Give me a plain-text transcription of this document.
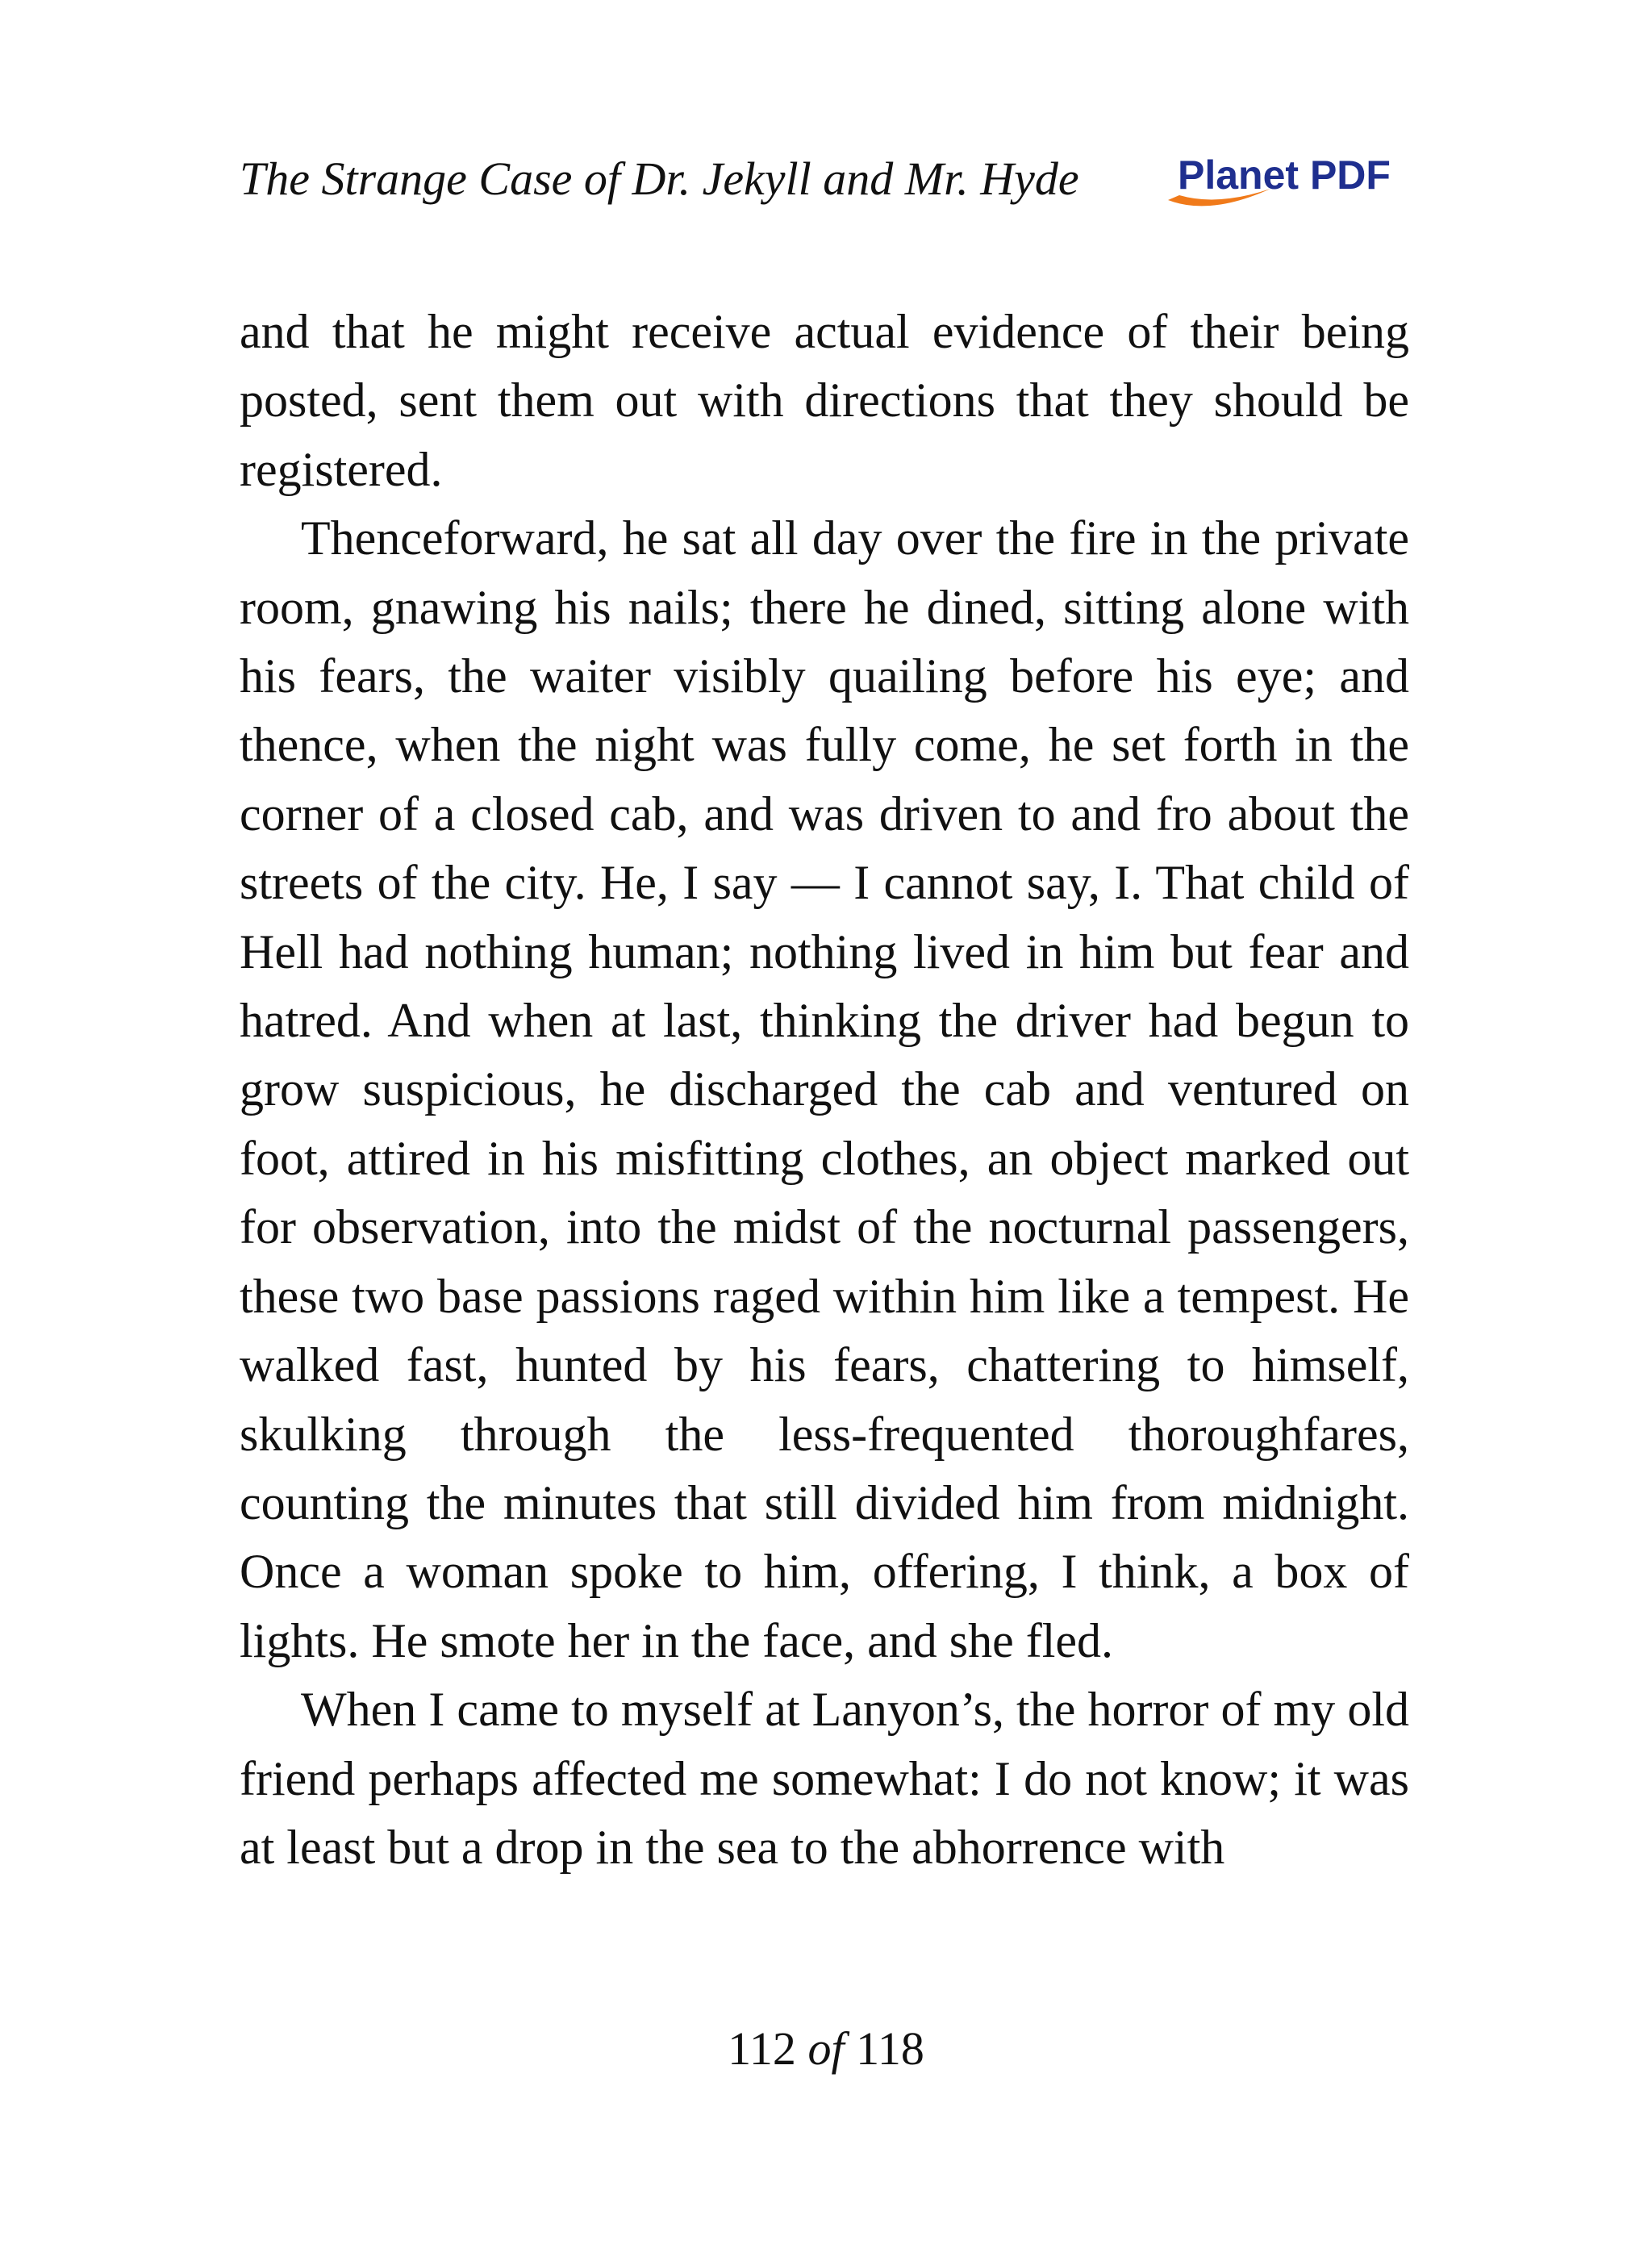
The Strange Case of Dr. Jekyll and Mr. Hyde Planet PDF

and that he might receive actual evidence of their being posted, sent them out with directions that they should be registered.

Thenceforward, he sat all day over the fire in the private room, gnawing his nails; there he dined, sitting alone with his fears, the waiter visibly quailing before his eye; and thence, when the night was fully come, he set forth in the corner of a closed cab, and was driven to and fro about the streets of the city. He, I say — I cannot say, I. That child of Hell had nothing human; nothing lived in him but fear and hatred. And when at last, thinking the driver had begun to grow suspicious, he discharged the cab and ventured on foot, attired in his misfitting clothes, an object marked out for observation, into the midst of the nocturnal passengers, these two base passions raged within him like a tempest. He walked fast, hunted by his fears, chattering to himself, skulking through the less-frequented thoroughfares, counting the minutes that still divided him from midnight. Once a woman spoke to him, offering, I think, a box of lights. He smote her in the face, and she fled.

When I came to myself at Lanyon’s, the horror of my old friend perhaps affected me somewhat: I do not know; it was at least but a drop in the sea to the abhorrence with

112 of 118
